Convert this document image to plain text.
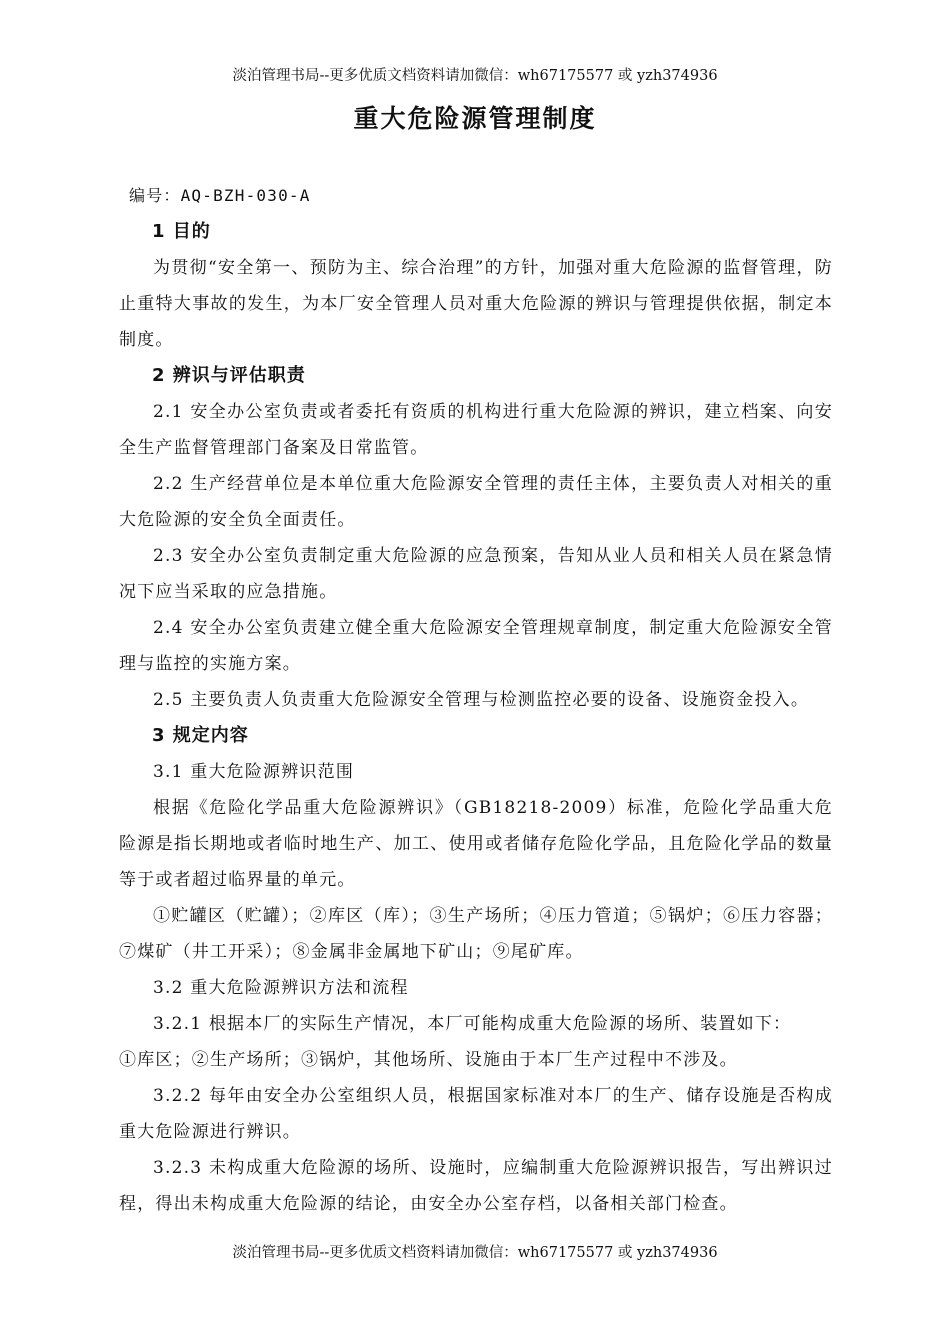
淡泊管理书局--更多优质文档资料请加微信：wh67175577 或 yzh374936
重大危险源管理制度

编号：AQ-BZH-030-A

1 目的

为贯彻“安全第一、预防为主、综合治理”的方针，加强对重大危险源的监督管理，防止重特大事故的发生，为本厂安全管理人员对重大危险源的辨识与管理提供依据，制定本制度。

2 辨识与评估职责

2.1 安全办公室负责或者委托有资质的机构进行重大危险源的辨识，建立档案、向安全生产监督管理部门备案及日常监管。

2.2 生产经营单位是本单位重大危险源安全管理的责任主体，主要负责人对相关的重大危险源的安全负全面责任。

2.3 安全办公室负责制定重大危险源的应急预案，告知从业人员和相关人员在紧急情况下应当采取的应急措施。

2.4 安全办公室负责建立健全重大危险源安全管理规章制度，制定重大危险源安全管理与监控的实施方案。

2.5 主要负责人负责重大危险源安全管理与检测监控必要的设备、设施资金投入。

3 规定内容

3.1 重大危险源辨识范围

根据《危险化学品重大危险源辨识》（GB18218-2009）标准，危险化学品重大危险源是指长期地或者临时地生产、加工、使用或者储存危险化学品，且危险化学品的数量等于或者超过临界量的单元。

①贮罐区（贮罐）；②库区（库）；③生产场所；④压力管道；⑤锅炉；⑥压力容器；⑦煤矿（井工开采）；⑧金属非金属地下矿山；⑨尾矿库。

3.2 重大危险源辨识方法和流程

3.2.1 根据本厂的实际生产情况，本厂可能构成重大危险源的场所、装置如下：

①库区；②生产场所；③锅炉，其他场所、设施由于本厂生产过程中不涉及。

3.2.2 每年由安全办公室组织人员，根据国家标准对本厂的生产、储存设施是否构成重大危险源进行辨识。

3.2.3 未构成重大危险源的场所、设施时，应编制重大危险源辨识报告，写出辨识过程，得出未构成重大危险源的结论，由安全办公室存档，以备相关部门检查。

淡泊管理书局--更多优质文档资料请加微信：wh67175577 或 yzh374936
